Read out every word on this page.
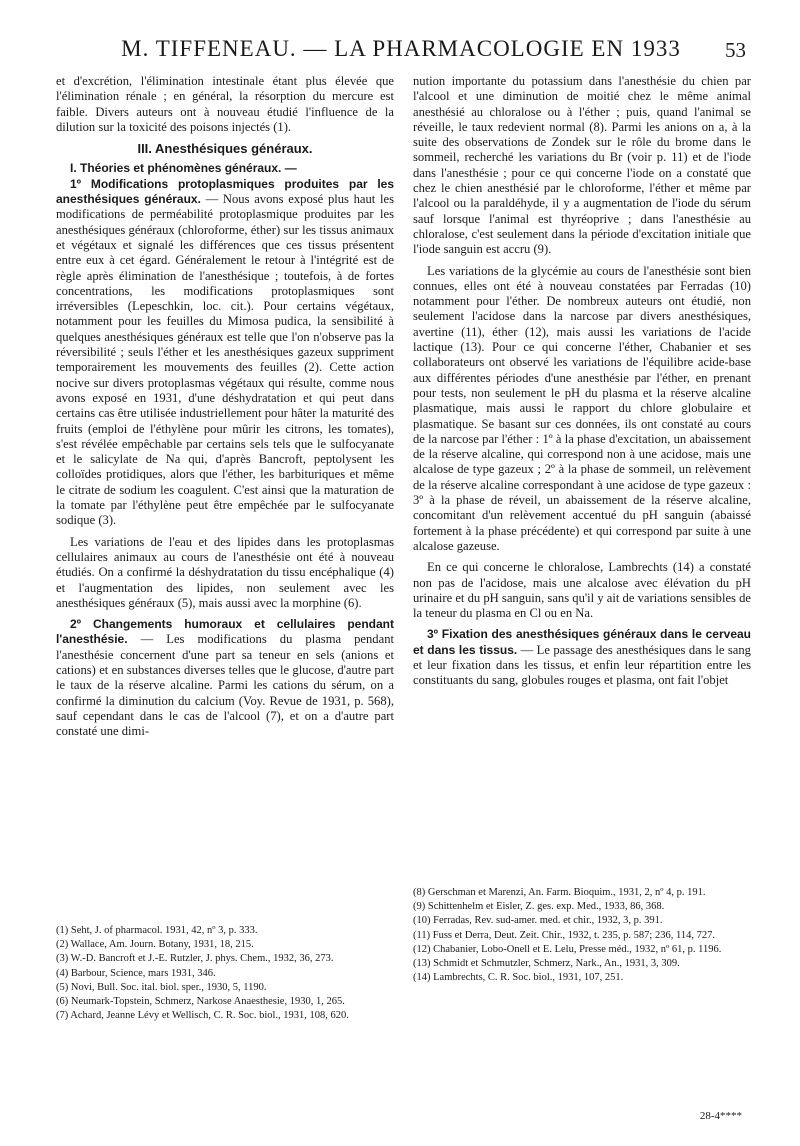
M. TIFFENEAU. — LA PHARMACOLOGIE EN 1933	53

et d'excrétion, l'élimination intestinale étant plus élevée que l'élimination rénale ; en général, la résorption du mercure est faible. Divers auteurs ont à nouveau étudié l'influence de la dilution sur la toxicité des poisons injectés (1).

III. Anesthésiques généraux.

I. Théories et phénomènes généraux. —

1º Modifications protoplasmiques produites par les anesthésiques généraux. — Nous avons exposé plus haut les modifications de perméabilité protoplasmique produites par les anesthésiques généraux (chloroforme, éther) sur les tissus animaux et végétaux et signalé les différences que ces tissus présentent entre eux à cet égard. Généralement le retour à l'intégrité est de règle après élimination de l'anesthésique ; toutefois, à de fortes concentrations, les modifications protoplasmiques sont irréversibles (Lepeschkin, loc. cit.). Pour certains végétaux, notamment pour les feuilles du Mimosa pudica, la sensibilité à quelques anesthésiques généraux est telle que l'on n'observe pas la réversibilité ; seuls l'éther et les anesthésiques gazeux suppriment temporairement les mouvements des feuilles (2). Cette action nocive sur divers protoplasmas végétaux qui résulte, comme nous avons exposé en 1931, d'une déshydratation et qui peut dans certains cas être utilisée industriellement pour hâter la maturité des fruits (emploi de l'éthylène pour mûrir les citrons, les tomates), s'est révélée empêchable par certains sels tels que le sulfocyanate et le salicylate de Na qui, d'après Bancroft, peptolysent les colloïdes protidiques, alors que l'éther, les barbituriques et même le citrate de sodium les coagulent. C'est ainsi que la maturation de la tomate par l'éthylène peut être empêchée par le sulfocyanate sodique (3).

Les variations de l'eau et des lipides dans les protoplasmas cellulaires animaux au cours de l'anesthésie ont été à nouveau étudiés. On a confirmé la déshydratation du tissu encéphalique (4) et l'augmentation des lipides, non seulement avec les anesthésiques généraux (5), mais aussi avec la morphine (6).

2º Changements humoraux et cellulaires pendant l'anesthésie. — Les modifications du plasma pendant l'anesthésie concernent d'une part sa teneur en sels (anions et cations) et en substances diverses telles que le glucose, d'autre part le taux de la réserve alcaline. Parmi les cations du sérum, on a confirmé la diminution du calcium (Voy. Revue de 1931, p. 568), sauf cependant dans le cas de l'alcool (7), et on a d'autre part constaté une dimi-

nution importante du potassium dans l'anesthésie du chien par l'alcool et une diminution de moitié chez le même animal anesthésié au chloralose ou à l'éther ; puis, quand l'animal se réveille, le taux redevient normal (8). Parmi les anions on a, à la suite des observations de Zondek sur le rôle du brome dans le sommeil, recherché les variations du Br (voir p. 11) et de l'iode dans l'anesthésie ; pour ce qui concerne l'iode on a constaté que chez le chien anesthésié par le chloroforme, l'éther et même par l'alcool ou la paraldéhyde, il y a augmentation de l'iode du sérum sauf lorsque l'animal est thyréoprive ; dans l'anesthésie au chloralose, c'est seulement dans la période d'excitation initiale que l'iode sanguin est accru (9).

Les variations de la glycémie au cours de l'anesthésie sont bien connues, elles ont été à nouveau constatées par Ferradas (10) notamment pour l'éther. De nombreux auteurs ont étudié, non seulement l'acidose dans la narcose par divers anesthésiques, avertine (11), éther (12), mais aussi les variations de l'acide lactique (13). Pour ce qui concerne l'éther, Chabanier et ses collaborateurs ont observé les variations de l'équilibre acide-base aux différentes périodes d'une anesthésie par l'éther, en prenant pour tests, non seulement le pH du plasma et la réserve alcaline plasmatique, mais aussi le rapport du chlore globulaire et plasmatique. Se basant sur ces données, ils ont constaté au cours de la narcose par l'éther : 1º à la phase d'excitation, un abaissement de la réserve alcaline, qui correspond non à une acidose, mais une alcalose de type gazeux ; 2º à la phase de sommeil, un relèvement de la réserve alcaline correspondant à une acidose de type gazeux : 3º à la phase de réveil, un abaissement de la réserve alcaline, concomitant d'un relèvement accentué du pH sanguin (abaissé fortement à la phase précédente) et qui correspond par suite à une alcalose gazeuse.

En ce qui concerne le chloralose, Lambrechts (14) a constaté non pas de l'acidose, mais une alcalose avec élévation du pH urinaire et du pH sanguin, sans qu'il y ait de variations sensibles de la teneur du plasma en Cl ou en Na.

3º Fixation des anesthésiques généraux dans le cerveau et dans les tissus. — Le passage des anesthésiques dans le sang et leur fixation dans les tissus, et enfin leur répartition entre les constituants du sang, globules rouges et plasma, ont fait l'objet

(1) Seht, J. of pharmacol. 1931, 42, nº 3, p. 333.

(2) Wallace, Am. Journ. Botany, 1931, 18, 215.

(3) W.-D. Bancroft et J.-E. Rutzler, J. phys. Chem., 1932, 36, 273.

(4) Barbour, Science, mars 1931, 346.

(5) Novi, Bull. Soc. ital. biol. sper., 1930, 5, 1190.

(6) Neumark-Topstein, Schmerz, Narkose Anaesthesie, 1930, 1, 265.

(7) Achard, Jeanne Lévy et Wellisch, C. R. Soc. biol., 1931, 108, 620.

(8) Gerschman et Marenzi, An. Farm. Bioquim., 1931, 2, nº 4, p. 191.

(9) Schittenhelm et Eisler, Z. ges. exp. Med., 1933, 86, 368.

(10) Ferradas, Rev. sud-amer. med. et chir., 1932, 3, p. 391.

(11) Fuss et Derra, Deut. Zeit. Chir., 1932, t. 235, p. 587; 236, 114, 727.

(12) Chabanier, Lobo-Onell et E. Lelu, Presse méd., 1932, nº 61, p. 1196.

(13) Schmidt et Schmutzler, Schmerz, Nark., An., 1931, 3, 309.

(14) Lambrechts, C. R. Soc. biol., 1931, 107, 251.

28-4****
